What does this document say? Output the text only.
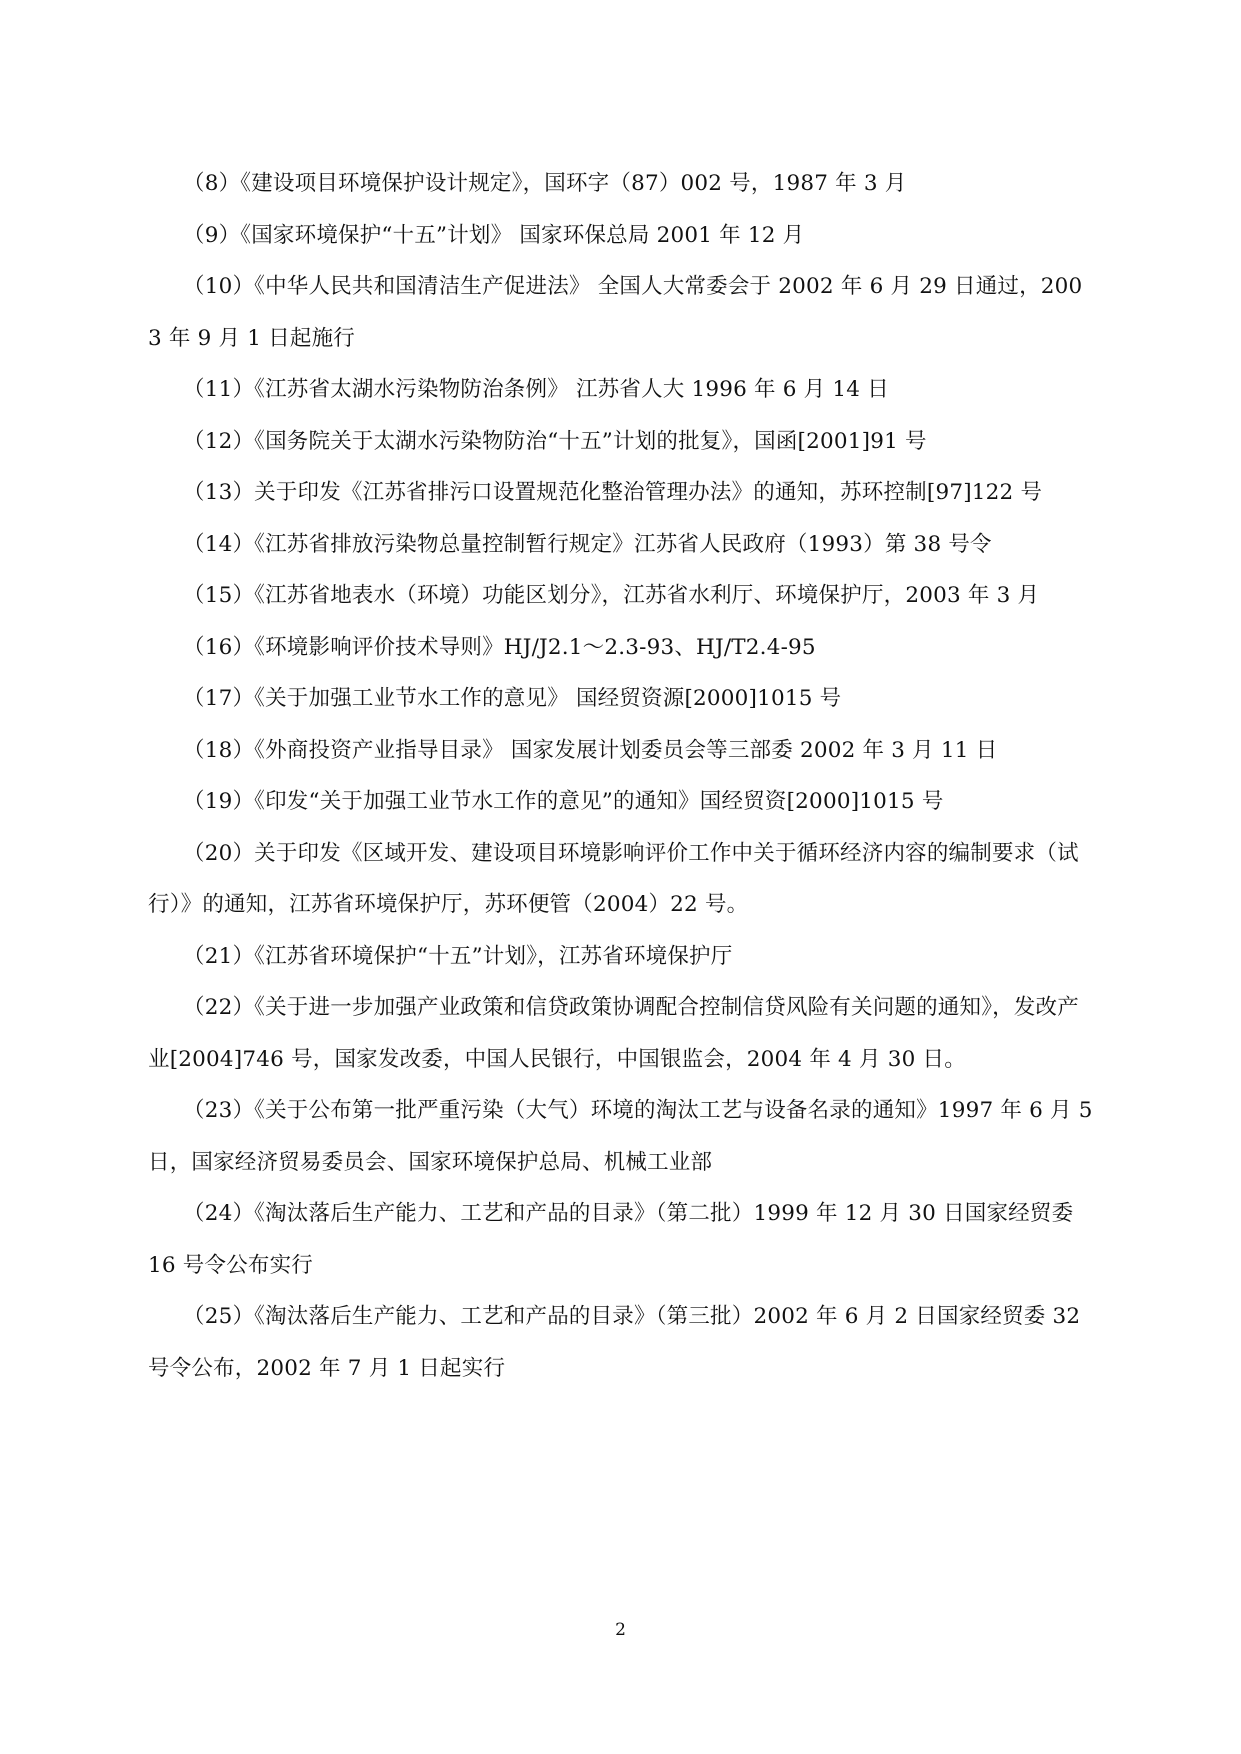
（8）《建设项目环境保护设计规定》，国环字（87）002 号，1987 年 3 月

（9）《国家环境保护“十五”计划》 国家环保总局 2001 年 12 月

（10）《中华人民共和国清洁生产促进法》 全国人大常委会于 2002 年 6 月 29 日通过，2003 年 9 月 1 日起施行

（11）《江苏省太湖水污染物防治条例》 江苏省人大 1996 年 6 月 14 日

（12）《国务院关于太湖水污染物防治“十五”计划的批复》，国函[2001]91 号

（13）关于印发《江苏省排污口设置规范化整治管理办法》的通知，苏环控制[97]122 号

（14）《江苏省排放污染物总量控制暂行规定》江苏省人民政府（1993）第 38 号令

（15）《江苏省地表水（环境）功能区划分》，江苏省水利厅、环境保护厅，2003 年 3 月

（16）《环境影响评价技术导则》HJ/J2.1～2.3-93、HJ/T2.4-95

（17）《关于加强工业节水工作的意见》 国经贸资源[2000]1015 号

（18）《外商投资产业指导目录》 国家发展计划委员会等三部委 2002 年 3 月 11 日

（19）《印发“关于加强工业节水工作的意见”的通知》国经贸资[2000]1015 号

（20）关于印发《区域开发、建设项目环境影响评价工作中关于循环经济内容的编制要求（试行）》的通知，江苏省环境保护厅，苏环便管（2004）22 号。

（21）《江苏省环境保护“十五”计划》，江苏省环境保护厅

（22）《关于进一步加强产业政策和信贷政策协调配合控制信贷风险有关问题的通知》，发改产业[2004]746 号，国家发改委，中国人民银行，中国银监会，2004 年 4 月 30 日。

（23）《关于公布第一批严重污染（大气）环境的淘汰工艺与设备名录的通知》1997 年 6 月 5 日，国家经济贸易委员会、国家环境保护总局、机械工业部

（24）《淘汰落后生产能力、工艺和产品的目录》（第二批）1999 年 12 月 30 日国家经贸委 16 号令公布实行

（25）《淘汰落后生产能力、工艺和产品的目录》（第三批）2002 年 6 月 2 日国家经贸委 32 号令公布，2002 年 7 月 1 日起实行

2
